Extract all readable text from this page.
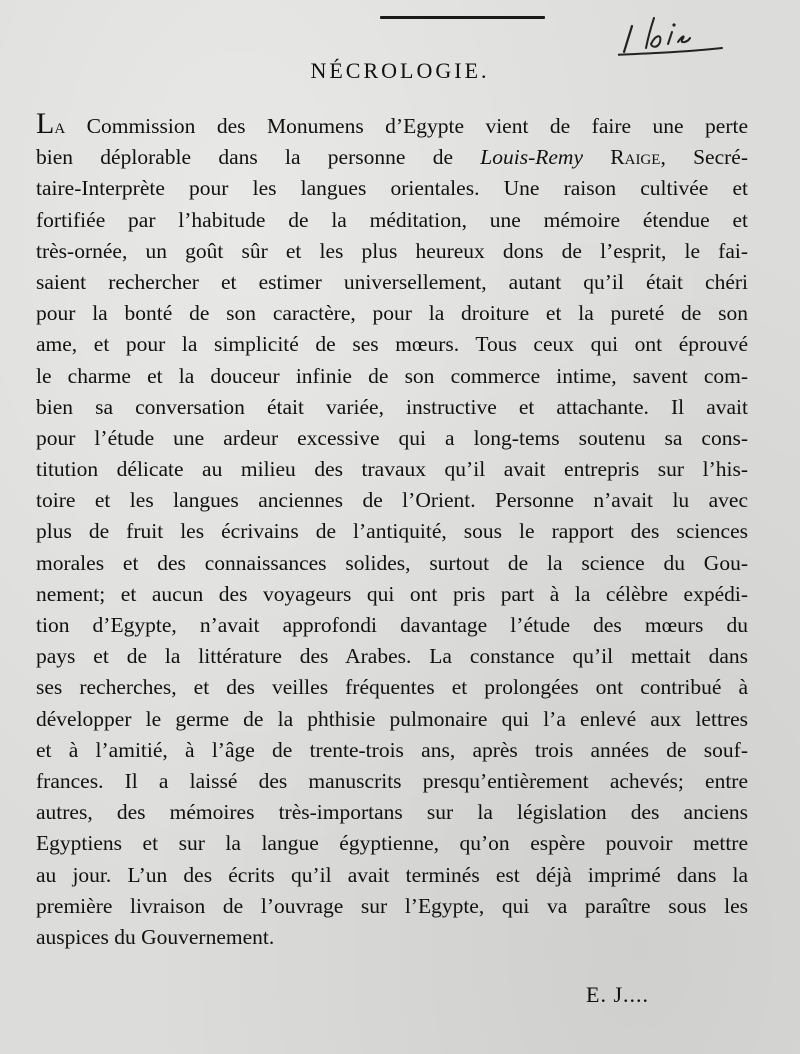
NÉCROLOGIE.
La Commission des Monumens d’Egypte vient de faire une perte
bien déplorable dans la personne de Louis-Remy Raige, Secré-
taire-Interprète pour les langues orientales. Une raison cultivée et
fortifiée par l’habitude de la méditation, une mémoire étendue et
très-ornée, un goût sûr et les plus heureux dons de l’esprit, le fai-
saient rechercher et estimer universellement, autant qu’il était chéri
pour la bonté de son caractère, pour la droiture et la pureté de son
ame, et pour la simplicité de ses mœurs. Tous ceux qui ont éprouvé
le charme et la douceur infinie de son commerce intime, savent com-
bien sa conversation était variée, instructive et attachante. Il avait
pour l’étude une ardeur excessive qui a long-tems soutenu sa cons-
titution délicate au milieu des travaux qu’il avait entrepris sur l’his-
toire et les langues anciennes de l’Orient. Personne n’avait lu avec
plus de fruit les écrivains de l’antiquité, sous le rapport des sciences
morales et des connaissances solides, surtout de la science du Gou-
nement; et aucun des voyageurs qui ont pris part à la célèbre expédi-
tion d’Egypte, n’avait approfondi davantage l’étude des mœurs du
pays et de la littérature des Arabes. La constance qu’il mettait dans
ses recherches, et des veilles fréquentes et prolongées ont contribué à
développer le germe de la phthisie pulmonaire qui l’a enlevé aux lettres
et à l’amitié, à l’âge de trente-trois ans, après trois années de souf-
frances. Il a laissé des manuscrits presqu’entièrement achevés; entre
autres, des mémoires très-importans sur la législation des anciens
Egyptiens et sur la langue égyptienne, qu’on espère pouvoir mettre
au jour. L’un des écrits qu’il avait terminés est déjà imprimé dans la
première livraison de l’ouvrage sur l’Egypte, qui va paraître sous les
auspices du Gouvernement.
E. J....
